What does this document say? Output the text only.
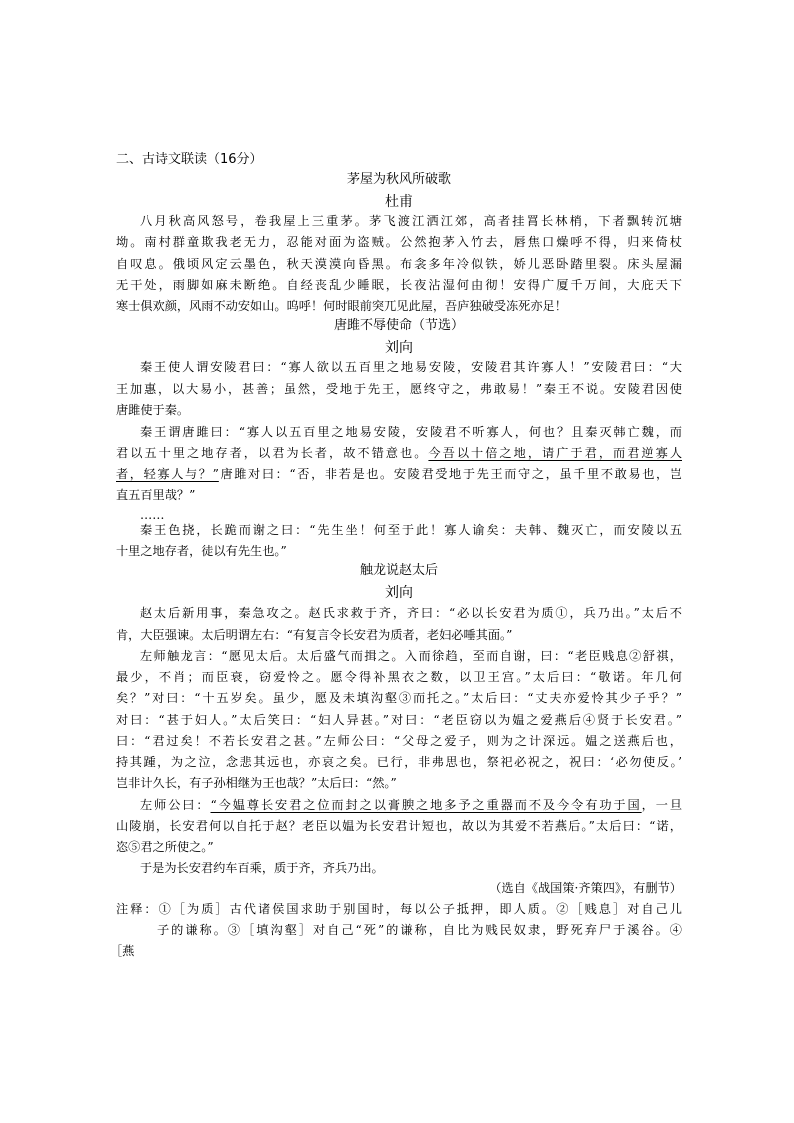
二、古诗文联读（16分）
茅屋为秋风所破歌
杜甫
八月秋高风怒号，卷我屋上三重茅。茅飞渡江洒江郊，高者挂罥长林梢，下者飘转沉塘
坳。南村群童欺我老无力，忍能对面为盗贼。公然抱茅入竹去，唇焦口燥呼不得，归来倚杖
自叹息。俄顷风定云墨色，秋天漠漠向昏黑。布衾多年冷似铁，娇儿恶卧踏里裂。床头屋漏
无干处，雨脚如麻未断绝。自经丧乱少睡眠，长夜沾湿何由彻！安得广厦千万间，大庇天下
寒士俱欢颜，风雨不动安如山。呜呼！何时眼前突兀见此屋，吾庐独破受冻死亦足！
唐雎不辱使命（节选）
刘向
秦王使人谓安陵君曰：“寡人欲以五百里之地易安陵，安陵君其许寡人！”安陵君曰：“大
王加惠，以大易小，甚善；虽然，受地于先王，愿终守之，弗敢易！”秦王不说。安陵君因使
唐雎使于秦。
秦王谓唐雎曰：“寡人以五百里之地易安陵，安陵君不听寡人，何也？且秦灭韩亡魏，而
君以五十里之地存者，以君为长者，故不错意也。今吾以十倍之地，请广于君，而君逆寡人
者，轻寡人与？”唐雎对曰：“否，非若是也。安陵君受地于先王而守之，虽千里不敢易也，岂
直五百里哉？”
……
秦王色挠，长跪而谢之曰：“先生坐！何至于此！寡人谕矣：夫韩、魏灭亡，而安陵以五
十里之地存者，徒以有先生也。”
触龙说赵太后
刘向
赵太后新用事，秦急攻之。赵氏求救于齐，齐曰：“必以长安君为质①，兵乃出。”太后不
肯，大臣强谏。太后明谓左右：“有复言令长安君为质者，老妇必唾其面。”
左师触龙言：“愿见太后。太后盛气而揖之。入而徐趋，至而自谢，曰：“老臣贱息②舒祺，
最少，不肖；而臣衰，窃爱怜之。愿令得补黑衣之数，以卫王宫。”太后曰：“敬诺。年几何
矣？”对曰：“十五岁矣。虽少，愿及未填沟壑③而托之。”太后曰：“丈夫亦爱怜其少子乎？”
对曰：“甚于妇人。”太后笑曰：“妇人异甚。”对曰：“老臣窃以为媪之爱燕后④贤于长安君。”
曰：“君过矣！不若长安君之甚。”左师公曰：“父母之爱子，则为之计深远。媪之送燕后也，
持其踵，为之泣，念悲其远也，亦哀之矣。已行，非弗思也，祭祀必祝之，祝曰：‘必勿使反。’
岂非计久长，有子孙相继为王也哉？”太后曰：“然。”
左师公曰：“今媪尊长安君之位而封之以膏腴之地多予之重器而不及今令有功于国，一旦
山陵崩，长安君何以自托于赵？老臣以媪为长安君计短也，故以为其爱不若燕后。”太后曰：“诺，
恣⑤君之所使之。”
于是为长安君约车百乘，质于齐，齐兵乃出。
（选自《战国策·齐策四》，有删节）
注释：①［为质］古代诸侯国求助于别国时，每以公子抵押，即人质。②［贱息］对自己儿
子的谦称。③［填沟壑］对自己“死”的谦称，自比为贱民奴隶，野死弃尸于溪谷。④
［燕
